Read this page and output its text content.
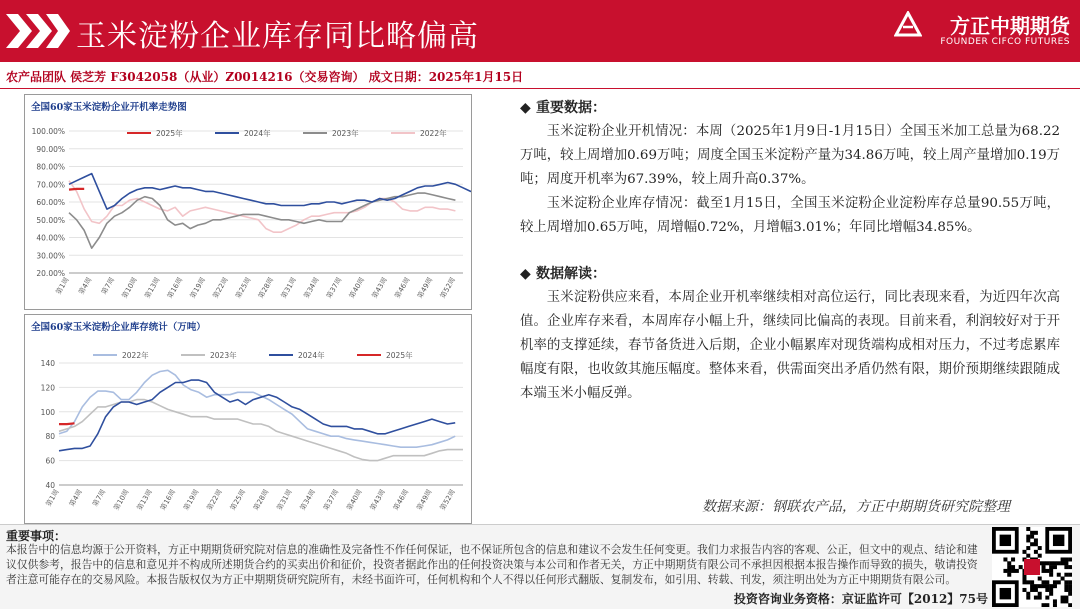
玉米淀粉企业库存同比略偏高	方正中期期货
FOUNDER CIFCO FUTURES
农产品团队 侯芝芳 F3042058（从业）Z0014216（交易咨询） 成文日期：2025年1月15日
全国60家玉米淀粉企业开机率走势图
100.00%
90.00%
80.00%
70.00%
60.00%
50.00%
40.00%
30.00%
20.00%
第1周 第4周 第7周 第10周 第13周 第16周 第19周 第22周 第25周 第28周 第31周 第34周 第37周 第40周 第43周 第46周 第49周 第52周
2025年	2024年	2023年	2022年
全国60家玉米淀粉企业库存统计（万吨）
140
120
100
80
60
40
第1周 第4周 第7周 第10周 第13周 第16周 第19周 第22周 第25周 第28周 第31周 第34周 第37周 第40周 第43周 第46周 第49周 第52周
2022年	2023年	2024年	2025年
◆ 重要数据：

玉米淀粉企业开机情况：本周（2025年1月9日-1月15日）全国玉米加工总量为68.22万吨，较上周增加0.69万吨；周度全国玉米淀粉产量为34.86万吨，较上周产量增加0.19万吨；周度开机率为67.39%，较上周升高0.37%。

玉米淀粉企业库存情况：截至1月15日，全国玉米淀粉企业淀粉库存总量90.55万吨，较上周增加0.65万吨，周增幅0.72%，月增幅3.01%；年同比增幅34.85%。

◆ 数据解读：

玉米淀粉供应来看，本周企业开机率继续相对高位运行，同比表现来看，为近四年次高值。企业库存来看，本周库存小幅上升，继续同比偏高的表现。目前来看，利润较好对于开机率的支撑延续，春节备货进入后期，企业小幅累库对现货端构成相对压力，不过考虑累库幅度有限，也收敛其施压幅度。整体来看，供需面突出矛盾仍然有限，期价预期继续跟随成本端玉米小幅反弹。

数据来源：钢联农产品，方正中期期货研究院整理
重要事项：
本报告中的信息均源于公开资料，方正中期期货研究院对信息的准确性及完备性不作任何保证，也不保证所包含的信息和建议不会发生任何变更。我们力求报告内容的客观、公正，但文中的观点、结论和建议仅供参考，报告中的信息和意见并不构成所述期货合约的买卖出价和征价，投资者据此作出的任何投资决策与本公司和作者无关，方正中期期货有限公司不承担因根据本报告操作而导致的损失，敬请投资者注意可能存在的交易风险。本报告版权仅为方正中期期货研究院所有，未经书面许可，任何机构和个人不得以任何形式翻版、复制发布，如引用、转载、刊发，须注明出处为方正中期期货有限公司。
投资咨询业务资格：京证监许可【2012】75号
